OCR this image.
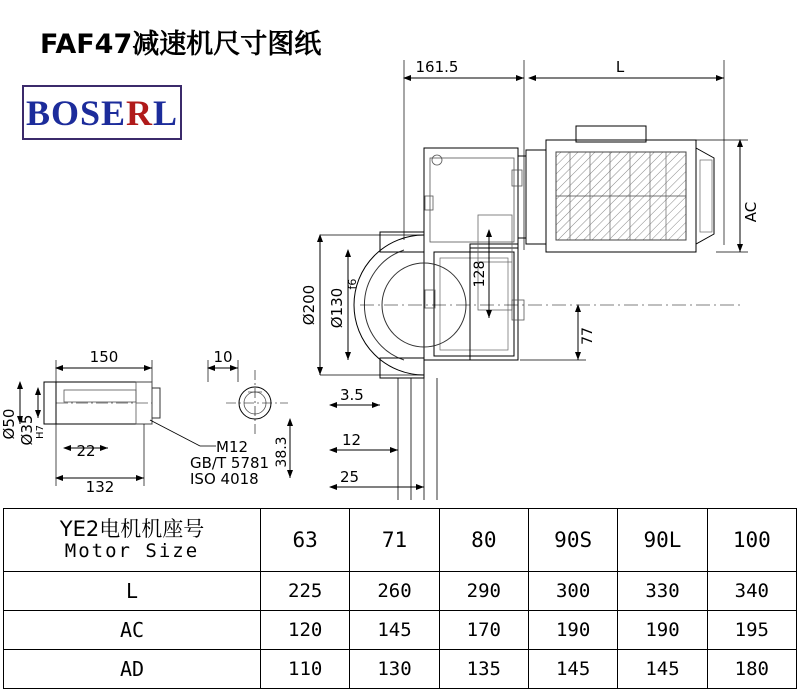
FAF47减速机尺寸图纸
BOSERL
161.5	L
AC
Ø200 Ø130
f6	128
77
3.5
12
25
150	10
Ø50 Ø35 H7
22
132
38.3
M12
GB/T 5781
ISO 4018
YE2电机机座号
Motor Size	63	71	80	90S	90L	100
L	225	260	290	300	330	340
AC	120	145	170	190	190	195
AD	110	130	135	145	145	180
